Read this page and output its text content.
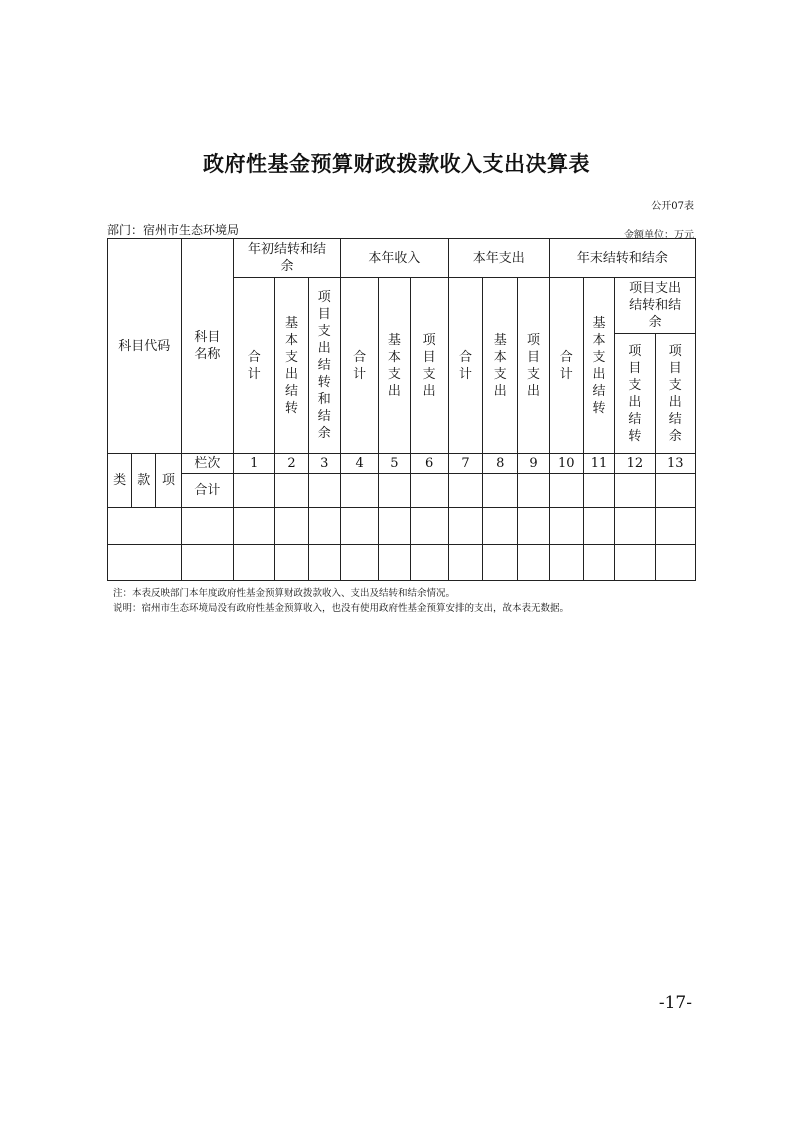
政府性基金预算财政拨款收入支出决算表
公开07表
部门：宿州市生态环境局	金额单位：万元
科目代码			科目名称	年初结转和结余			本年收入			本年支出			年末结转和结余			
				合计	基本支出结转	项目支出结转和结余	合计	基本支出	项目支出	合计	基本支出	项目支出	合计	基本支出结转	项目支出结转和结余	
															项目支出结转	项目支出结余

类	款	项	栏次	1	2	3	4	5	6	7	8	9	10	11	12	13
			合计													

注：本表反映部门本年度政府性基金预算财政拨款收入、支出及结转和结余情况。
说明：宿州市生态环境局没有政府性基金预算收入，也没有使用政府性基金预算安排的支出，故本表无数据。
-17-
